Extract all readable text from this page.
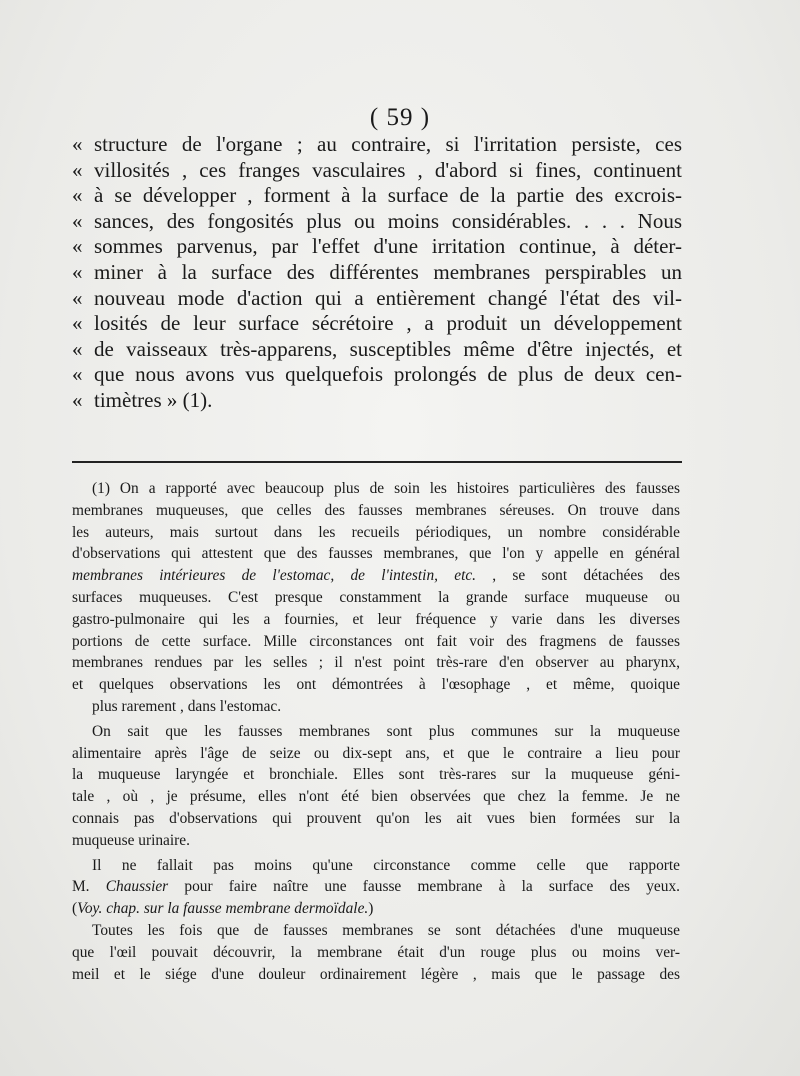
( 59 )
« structure de l'organe ; au contraire, si l'irritation persiste, ces
« villosités , ces franges vasculaires , d'abord si fines, continuent
« à se développer , forment à la surface de la partie des excrois-
« sances, des fongosités plus ou moins considérables. . . . Nous
« sommes parvenus, par l'effet d'une irritation continue, à déter-
« miner à la surface des différentes membranes perspirables un
« nouveau mode d'action qui a entièrement changé l'état des vil-
« losités de leur surface sécrétoire , a produit un développement
« de vaisseaux très-apparens, susceptibles même d'être injectés, et
« que nous avons vus quelquefois prolongés de plus de deux cen-
« timètres » (1).
(1) On a rapporté avec beaucoup plus de soin les histoires particulières des fausses
membranes muqueuses, que celles des fausses membranes séreuses. On trouve dans
les auteurs, mais surtout dans les recueils périodiques, un nombre considérable
d'observations qui attestent que des fausses membranes, que l'on y appelle en général
membranes intérieures de l'estomac, de l'intestin, etc. , se sont détachées des
surfaces muqueuses. C'est presque constamment la grande surface muqueuse ou
gastro-pulmonaire qui les a fournies, et leur fréquence y varie dans les diverses
portions de cette surface. Mille circonstances ont fait voir des fragmens de fausses
membranes rendues par les selles ; il n'est point très-rare d'en observer au pharynx,
et quelques observations les ont démontrées à l'œsophage , et même, quoique
plus rarement , dans l'estomac.
On sait que les fausses membranes sont plus communes sur la muqueuse
alimentaire après l'âge de seize ou dix-sept ans, et que le contraire a lieu pour
la muqueuse laryngée et bronchiale. Elles sont très-rares sur la muqueuse géni-
tale , où , je présume, elles n'ont été bien observées que chez la femme. Je ne
connais pas d'observations qui prouvent qu'on les ait vues bien formées sur la
muqueuse urinaire.
Il ne fallait pas moins qu'une circonstance comme celle que rapporte
M. Chaussier pour faire naître une fausse membrane à la surface des yeux.
(Voy. chap. sur la fausse membrane dermoïdale.)
Toutes les fois que de fausses membranes se sont détachées d'une muqueuse
que l'œil pouvait découvrir, la membrane était d'un rouge plus ou moins ver-
meil et le siége d'une douleur ordinairement légère , mais que le passage des
